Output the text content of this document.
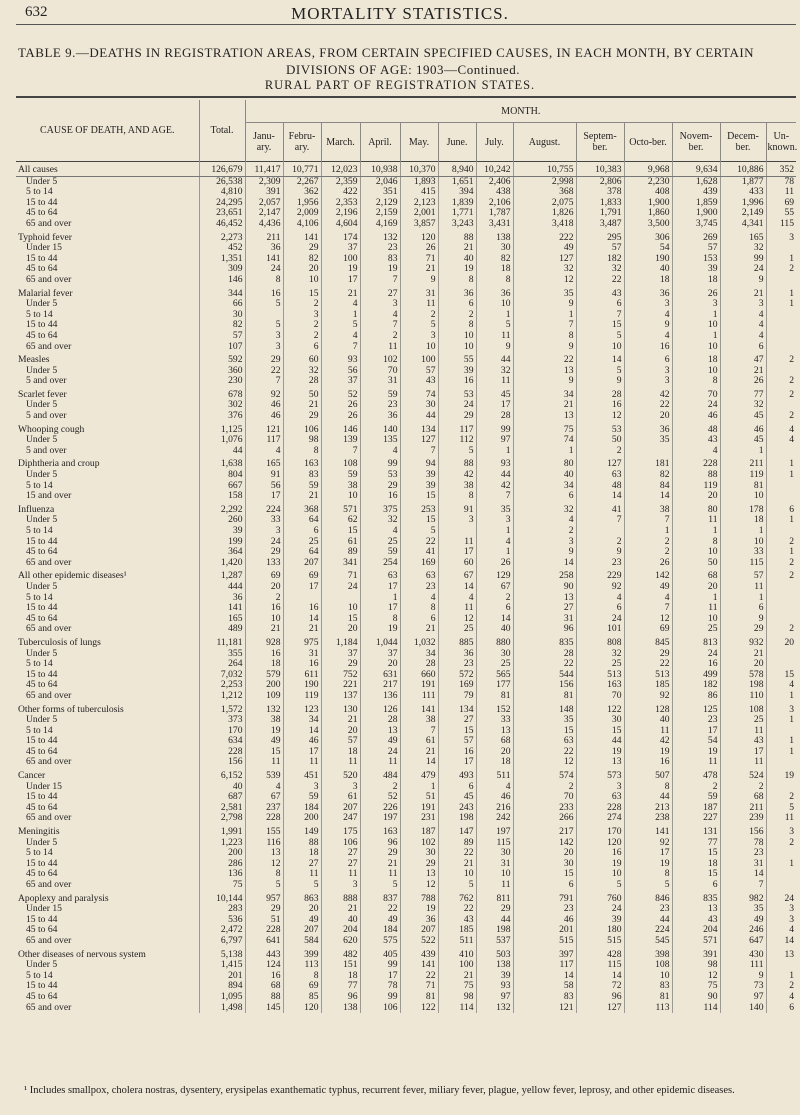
632	MORTALITY STATISTICS.
TABLE 9.—DEATHS IN REGISTRATION AREAS, FROM CERTAIN SPECIFIED CAUSES, IN EACH MONTH, BY CERTAIN
DIVISIONS OF AGE: 1903—Continued.
RURAL PART OF REGISTRATION STATES.
CAUSE OF DEATH, AND AGE.	Total.	MONTH.												
		Janu-ary.	Febru-ary.	March.	April.	May.	June.	July.	August.	Septem-ber.	Octo-ber.	Novem-ber.	Decem-ber.	Un-known.
All causes	126,679	11,417	10,771	12,023	10,938	10,370	8,940	10,242	10,755	10,383	9,968	9,634	10,886	352
Under 5	26,538	2,309	2,267	2,359	2,046	1,893	1,651	2,406	2,998	2,806	2,230	1,628	1,877	78
5 to 14	4,810	391	362	422	351	415	394	438	368	378	408	439	433	11
15 to 44	24,295	2,057	1,956	2,353	2,129	2,123	1,839	2,106	2,075	1,833	1,900	1,859	1,996	69
45 to 64	23,651	2,147	2,009	2,196	2,159	2,001	1,771	1,787	1,826	1,791	1,860	1,900	2,149	55
65 and over	46,452	4,436	4,106	4,604	4,169	3,857	3,243	3,431	3,418	3,487	3,500	3,745	4,341	115
Typhoid fever	2,273	211	141	174	132	120	88	138	222	295	306	269	165	3
Under 15	452	36	29	37	23	26	21	30	49	57	54	57	32	
15 to 44	1,351	141	82	100	83	71	40	82	127	182	190	153	99	1
45 to 64	309	24	20	19	19	21	19	18	32	32	40	39	24	2
65 and over	146	8	10	17	7	9	8	8	12	22	18	18	9	
Malarial fever	344	16	15	21	27	31	36	36	35	43	36	26	21	1
Under 5	66	5	2	4	3	11	6	10	9	6	3	3	3	1
5 to 14	30		3	1	4	2	2	1	1	7	4	1	4	
15 to 44	82	5	2	5	7	5	8	5	7	15	9	10	4	
45 to 64	57	3	2	4	2	3	10	11	8	5	4	1	4	
65 and over	107	3	6	7	11	10	10	9	9	10	16	10	6	
Measles	592	29	60	93	102	100	55	44	22	14	6	18	47	2
Under 5	360	22	32	56	70	57	39	32	13	5	3	10	21	
5 and over	230	7	28	37	31	43	16	11	9	9	3	8	26	2
Scarlet fever	678	92	50	52	59	74	53	45	34	28	42	70	77	2
Under 5	302	46	21	26	23	30	24	17	21	16	22	24	32	
5 and over	376	46	29	26	36	44	29	28	13	12	20	46	45	2
Whooping cough	1,125	121	106	146	140	134	117	99	75	53	36	48	46	4
Under 5	1,076	117	98	139	135	127	112	97	74	50	35	43	45	4
5 and over	44	4	8	7	4	7	5	1	1	2		4	1	
Diphtheria and croup	1,638	165	163	108	99	94	88	93	80	127	181	228	211	1
Under 5	804	91	83	59	53	39	42	44	40	63	82	88	119	1
5 to 14	667	56	59	38	29	39	38	42	34	48	84	119	81	
15 and over	158	17	21	10	16	15	8	7	6	14	14	20	10	
Influenza	2,292	224	368	571	375	253	91	35	32	41	38	80	178	6
Under 5	260	33	64	62	32	15	3	3	4	7	7	11	18	1
5 to 14	39	3	6	15	4	5		1	2		1	1	1	
15 to 44	199	24	25	61	25	22	11	4	3	2	2	8	10	2
45 to 64	364	29	64	89	59	41	17	1	9	9	2	10	33	1
65 and over	1,420	133	207	341	254	169	60	26	14	23	26	50	115	2
All other epidemic diseases¹	1,287	69	69	71	63	63	67	129	258	229	142	68	57	2
Under 5	444	20	17	24	17	23	14	67	90	92	49	20	11	
5 to 14	36	2			1	4	4	2	13	4	4	1	1	
15 to 44	141	16	16	10	17	8	11	6	27	6	7	11	6	
45 to 64	165	10	14	15	8	6	12	14	31	24	12	10	9	
65 and over	489	21	21	20	19	21	25	40	96	101	69	25	29	2
Tuberculosis of lungs	11,181	928	975	1,184	1,044	1,032	885	880	835	808	845	813	932	20
Under 5	355	16	31	37	37	34	36	30	28	32	29	24	21	
5 to 14	264	18	16	29	20	28	23	25	22	25	22	16	20	
15 to 44	7,032	579	611	752	631	660	572	565	544	513	513	499	578	15
45 to 64	2,253	200	190	221	217	191	169	177	156	163	185	182	198	4
65 and over	1,212	109	119	137	136	111	79	81	81	70	92	86	110	1
Other forms of tuberculosis	1,572	132	123	130	126	141	134	152	148	122	128	125	108	3
Under 5	373	38	34	21	28	38	27	33	35	30	40	23	25	1
5 to 14	170	19	14	20	13	7	15	13	15	15	11	17	11	
15 to 44	634	49	46	57	49	61	57	68	63	44	42	54	43	1
45 to 64	228	15	17	18	24	21	16	20	22	19	19	19	17	1
65 and over	156	11	11	11	11	14	17	18	12	13	16	11	11	
Cancer	6,152	539	451	520	484	479	493	511	574	573	507	478	524	19
Under 15	40	4	3	3	2	1	6	4	2	3	8	2	2	
15 to 44	687	67	59	61	52	51	45	46	70	63	44	59	68	2
45 to 64	2,581	237	184	207	226	191	243	216	233	228	213	187	211	5
65 and over	2,798	228	200	247	197	231	198	242	266	274	238	227	239	11
Meningitis	1,991	155	149	175	163	187	147	197	217	170	141	131	156	3
Under 5	1,223	116	88	106	96	102	89	115	142	120	92	77	78	2
5 to 14	200	13	18	27	29	30	22	30	20	16	17	15	23	
15 to 44	286	12	27	27	21	29	21	31	30	19	19	18	31	1
45 to 64	136	8	11	11	11	13	10	10	15	10	8	15	14	
65 and over	75	5	5	3	5	12	5	11	6	5	5	6	7	
Apoplexy and paralysis	10,144	957	863	888	837	788	762	811	791	760	846	835	982	24
Under 15	283	29	20	21	22	19	22	29	23	24	23	13	35	3
15 to 44	536	51	49	40	49	36	43	44	46	39	44	43	49	3
45 to 64	2,472	228	207	204	184	207	185	198	201	180	224	204	246	4
65 and over	6,797	641	584	620	575	522	511	537	515	515	545	571	647	14
Other diseases of nervous system	5,138	443	399	482	405	439	410	503	397	428	398	391	430	13
Under 5	1,415	124	113	151	99	141	100	138	117	115	108	98	111	
5 to 14	201	16	8	18	17	22	21	39	14	14	10	12	9	1
15 to 44	894	68	69	77	78	71	75	93	58	72	83	75	73	2
45 to 64	1,095	88	85	96	99	81	98	97	83	96	81	90	97	4
65 and over	1,498	145	120	138	106	122	114	132	121	127	113	114	140	6
¹ Includes smallpox, cholera nostras, dysentery, erysipelas exanthematic typhus, recurrent fever, miliary fever, plague, yellow fever, leprosy, and other epidemic diseases.
